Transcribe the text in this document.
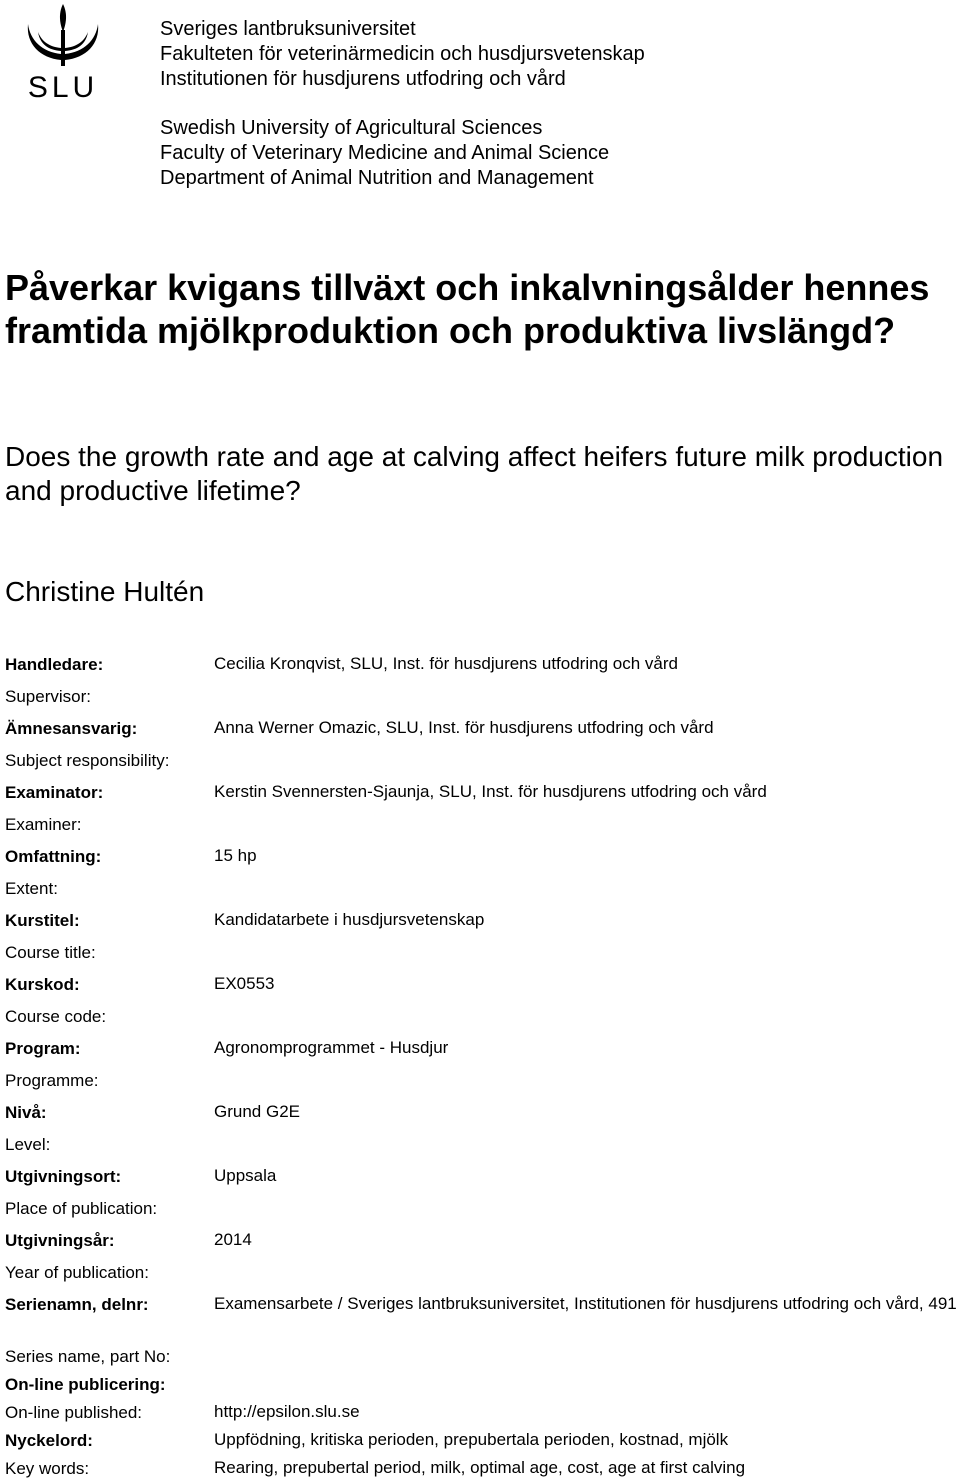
SLU
Sveriges lantbruksuniversitet
Fakulteten för veterinärmedicin och husdjursvetenskap
Institutionen för husdjurens utfodring och vård
Swedish University of Agricultural Sciences
Faculty of Veterinary Medicine and Animal Science
Department of Animal Nutrition and Management
Påverkar kvigans tillväxt och inkalvningsålder hennes framtida mjölkproduktion och produktiva livslängd?
Does the growth rate and age at calving affect heifers future milk production and productive lifetime?
Christine Hultén
Handledare:	Cecilia Kronqvist, SLU, Inst. för husdjurens utfodring och vård
Supervisor:
Ämnesansvarig:	Anna Werner Omazic, SLU, Inst. för husdjurens utfodring och vård
Subject responsibility:
Examinator:	Kerstin Svennersten-Sjaunja, SLU, Inst. för husdjurens utfodring och vård
Examiner:
Omfattning:	15 hp
Extent:
Kurstitel:	Kandidatarbete i husdjursvetenskap
Course title:
Kurskod:	EX0553
Course code:
Program:	Agronomprogrammet - Husdjur
Programme:
Nivå:	Grund G2E
Level:
Utgivningsort:	Uppsala
Place of publication:
Utgivningsår:	2014
Year of publication:
Serienamn, delnr:	Examensarbete / Sveriges lantbruksuniversitet, Institutionen för husdjurens utfodring och vård, 491
Series name, part No:
On-line publicering:
On-line published:	http://epsilon.slu.se
Nyckelord:	Uppfödning, kritiska perioden, prepubertala perioden, kostnad, mjölk
Key words:	Rearing, prepubertal period, milk, optimal age, cost, age at first calving
